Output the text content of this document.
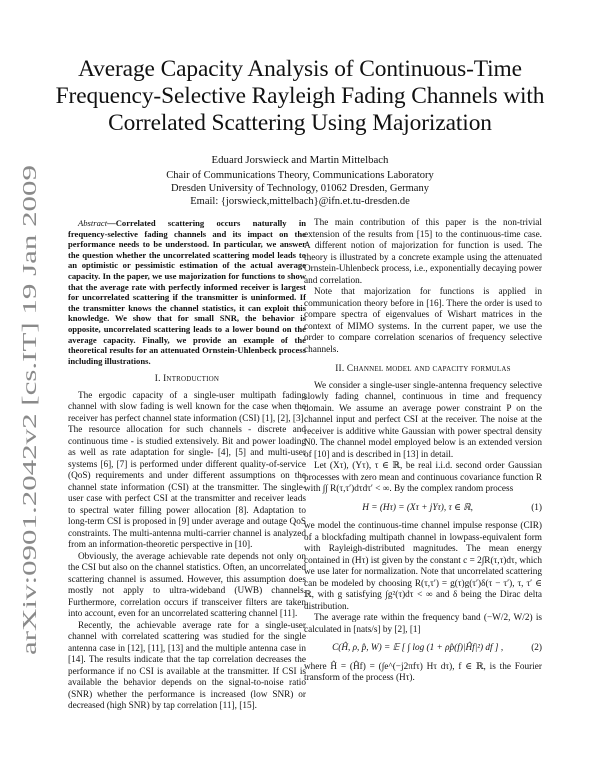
arXiv:0901.2042v2 [cs.IT] 19 Jan 2009
Average Capacity Analysis of Continuous-Time Frequency-Selective Rayleigh Fading Channels with Correlated Scattering Using Majorization
Eduard Jorswieck and Martin Mittelbach
Chair of Communications Theory, Communications Laboratory
Dresden University of Technology, 01062 Dresden, Germany
Email: {jorswieck,mittelbach}@ifn.et.tu-dresden.de
Abstract—Correlated scattering occurs naturally in frequency-selective fading channels and its impact on the performance needs to be understood. In particular, we answer the question whether the uncorrelated scattering model leads to an optimistic or pessimistic estimation of the actual average capacity. In the paper, we use majorization for functions to show that the average rate with perfectly informed receiver is largest for uncorrelated scattering if the transmitter is uninformed. If the transmitter knows the channel statistics, it can exploit this knowledge. We show that for small SNR, the behavior is opposite, uncorrelated scattering leads to a lower bound on the average capacity. Finally, we provide an example of the theoretical results for an attenuated Ornstein-Uhlenbeck process including illustrations.
I. Introduction

The ergodic capacity of a single-user multipath fading channel with slow fading is well known for the case when the receiver has perfect channel state information (CSI) [1], [2], [3]. The resource allocation for such channels - discrete and continuous time - is studied extensively. Bit and power loading as well as rate adaptation for single- [4], [5] and multi-user systems [6], [7] is performed under different quality-of-service (QoS) requirements and under different assumptions on the channel state information (CSI) at the transmitter. The single-user case with perfect CSI at the transmitter and receiver leads to spectral water filling power allocation [8]. Adaptation to long-term CSI is proposed in [9] under average and outage QoS constraints. The multi-antenna multi-carrier channel is analyzed from an information-theoretic perspective in [10].

Obviously, the average achievable rate depends not only on the CSI but also on the channel statistics. Often, an uncorrelated scattering channel is assumed. However, this assumption does mostly not apply to ultra-wideband (UWB) channels. Furthermore, correlation occurs if transceiver filters are taken into account, even for an uncorrelated scattering channel [11].

Recently, the achievable average rate for a single-user channel with correlated scattering was studied for the single antenna case in [12], [11], [13] and the multiple antenna case in [14]. The results indicate that the tap correlation decreases the performance if no CSI is available at the transmitter. If CSI is available the behavior depends on the signal-to-noise ratio (SNR) whether the performance is increased (low SNR) or decreased (high SNR) by tap correlation [11], [15].

The main contribution of this paper is the non-trivial extension of the results from [15] to the continuous-time case. A different notion of majorization for function is used. The theory is illustrated by a concrete example using the attenuated Ornstein-Uhlenbeck process, i.e., exponentially decaying power and correlation.

Note that majorization for functions is applied in communication theory before in [16]. There the order is used to compare spectra of eigenvalues of Wishart matrices in the context of MIMO systems. In the current paper, we use the order to compare correlation scenarios of frequency selective channels.

II. Channel model and capacity formulas

We consider a single-user single-antenna frequency selective slowly fading channel, continuous in time and frequency domain. We assume an average power constraint P on the channel input and perfect CSI at the receiver. The noise at the receiver is additive white Gaussian with power spectral density N0. The channel model employed below is an extended version of [10] and is described in [13] in detail.

Let (Xτ), (Yτ), τ ∈ ℝ, be real i.i.d. second order Gaussian processes with zero mean and continuous covariance function R with ∫∫ R(τ,τ′)dτdτ′ < ∞. By the complex random process

H = (Hτ) = (Xτ + jYτ), τ ∈ ℝ,	(1)

we model the continuous-time channel impulse response (CIR) of a blockfading multipath channel in lowpass-equivalent form with Rayleigh-distributed magnitudes. The mean energy contained in (Hτ) ist given by the constant c = 2∫R(τ,τ)dτ, which we use later for normalization. Note that uncorrelated scattering can be modeled by choosing R(τ,τ′) = g(τ)g(τ′)δ(τ − τ′), τ, τ′ ∈ ℝ, with g satisfying ∫g²(τ)dτ < ∞ and δ being the Dirac delta distribution.

The average rate within the frequency band (−W/2, W/2) is calculated in [nats/s] by [2], [1]

C(Ĥ, ρ, p̂, W) = 𝔼 [ ∫ log (1 + ρp̂(f)|Ĥf|²) df ] ,	(2)

where Ĥ = (Ĥf) = (∫e^(−j2πfτ) Hτ dτ), f ∈ ℝ, is the Fourier transform of the process (Hτ).
